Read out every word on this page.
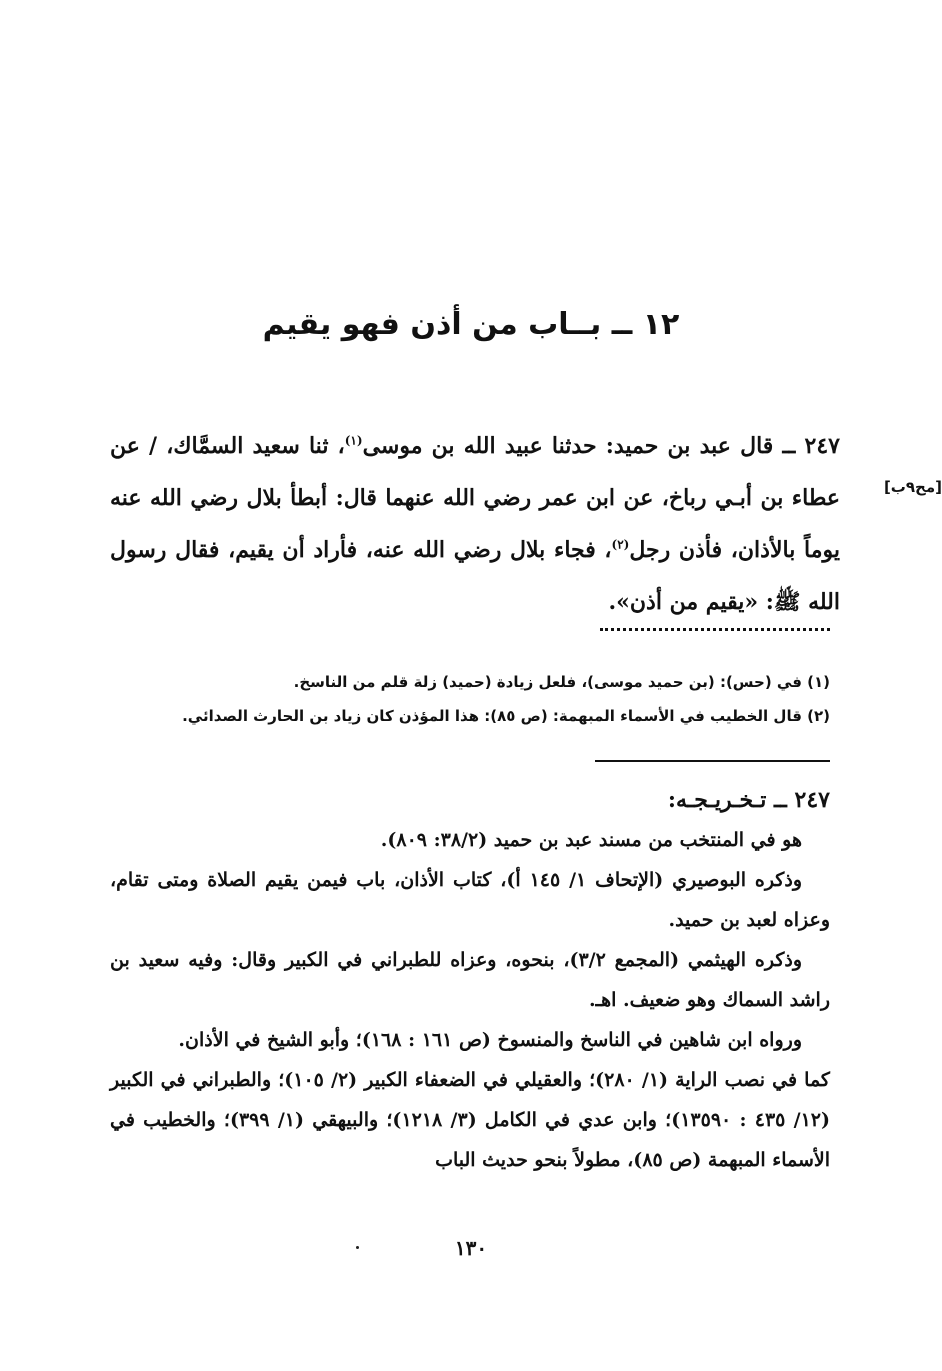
١٢ ــ بــاب من أذن فهو يقيم
[مح٩ب]

٢٤٧ ــ قال عبد بن حميد: حدثنا عبيد الله بن موسى$^{(١)}$، ثنا سعيد السمَّاك، / عن عطاء بن أبـي رباخ، عن ابن عمر رضي الله عنهما قال: أبطأ بلال رضي الله عنه يوماً بالأذان، فأذن رجل$^{(٢)}$، فجاء بلال رضي الله عنه، فأراد أن يقيم، فقال رسول الله ﷺ: «يقيم من أذن».

(١) في (حس): (بن حميد موسى)، فلعل زيادة (حميد) زلة قلم من الناسخ.
(٢) قال الخطيب في الأسماء المبهمة: (ص ٨٥): هذا المؤذن كان زياد بن الحارث الصدائي.

٢٤٧ ــ تـخـريـجـه:

هو في المنتخب من مسند عبد بن حميد (٣٨/٢: ٨٠٩).

وذكره البوصيري (الإتحاف ١/ ١٤٥ أ)، كتاب الأذان، باب فيمن يقيم الصلاة ومتى تقام، وعزاه لعبد بن حميد.

وذكره الهيثمي (المجمع ٣/٢)، بنحوه، وعزاه للطبراني في الكبير وقال: وفيه سعيد بن راشد السماك وهو ضعيف. اهـ.

ورواه ابن شاهين في الناسخ والمنسوخ (ص ١٦١ : ١٦٨)؛ وأبو الشيخ في الأذان.

كما في نصب الراية (١/ ٢٨٠)؛ والعقيلي في الضعفاء الكبير (٢/ ١٠٥)؛ والطبراني في الكبير (١٢/ ٤٣٥ : ١٣٥٩٠)؛ وابن عدي في الكامل (٣/ ١٢١٨)؛ والبيهقي (١/ ٣٩٩)؛ والخطيب في الأسماء المبهمة (ص ٨٥)، مطولاً بنحو حديث الباب

١٣٠
